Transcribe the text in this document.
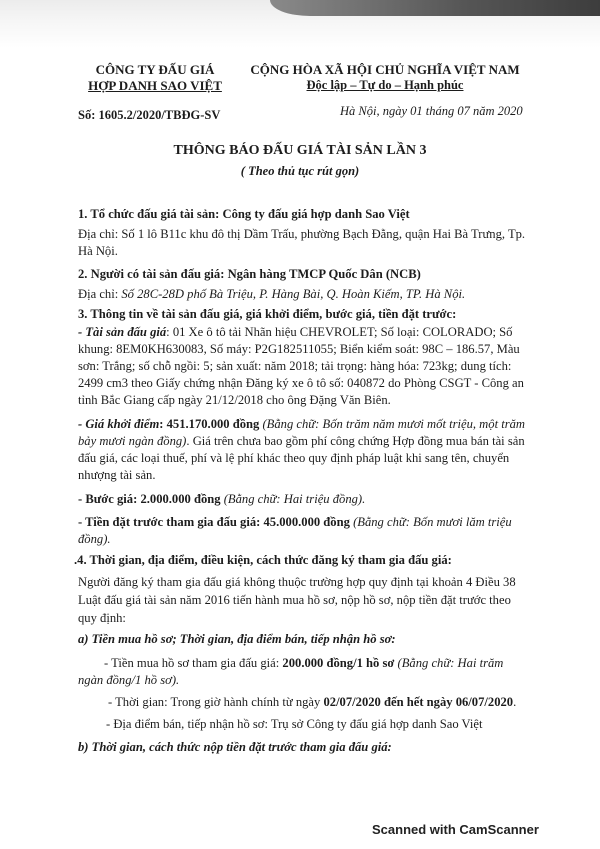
CÔNG TY ĐẤU GIÁ
HỢP DANH SAO VIỆT
CỘNG HÒA XÃ HỘI CHỦ NGHĨA VIỆT NAM
Độc lập – Tự do – Hạnh phúc
Số: 1605.2/2020/TBĐG-SV	Hà Nội, ngày 01 tháng 07 năm 2020
THÔNG BÁO ĐẤU GIÁ TÀI SẢN LẦN 3
( Theo thủ tục rút gọn)
1. Tổ chức đấu giá tài sản: Công ty đấu giá hợp danh Sao Việt
Địa chỉ: Số 1 lô B11c khu đô thị Dầm Trấu, phường Bạch Đằng, quận Hai Bà Trưng, Tp.
Hà Nội.
2. Người có tài sản đấu giá: Ngân hàng TMCP Quốc Dân (NCB)
Địa chỉ: Số 28C-28D phố Bà Triệu, P. Hàng Bài, Q. Hoàn Kiếm, TP. Hà Nội.
3. Thông tin về tài sản đấu giá, giá khởi điểm, bước giá, tiền đặt trước:
- Tài sản đấu giá: 01 Xe ô tô tải Nhãn hiệu CHEVROLET; Số loại: COLORADO; Số
khung: 8EM0KH630083, Số máy: P2G182511055; Biển kiểm soát: 98C – 186.57, Màu
sơn: Trắng; số chỗ ngồi: 5; sản xuất: năm 2018; tải trọng: hàng hóa: 723kg; dung tích:
2499 cm3 theo Giấy chứng nhận Đăng ký xe ô tô số: 040872 do Phòng CSGT - Công an
tỉnh Bắc Giang cấp ngày 21/12/2018 cho ông Đặng Văn Biên.
- Giá khởi điểm: 451.170.000 đồng (Bằng chữ: Bốn trăm năm mươi mốt triệu, một trăm
bảy mươi ngàn đồng). Giá trên chưa bao gồm phí công chứng Hợp đồng mua bán tài sản
đấu giá, các loại thuế, phí và lệ phí khác theo quy định pháp luật khi sang tên, chuyển
nhượng tài sản.
- Bước giá: 2.000.000 đồng (Bằng chữ: Hai triệu đồng).
- Tiền đặt trước tham gia đấu giá: 45.000.000 đồng (Bằng chữ: Bốn mươi lăm triệu
đồng).
.4. Thời gian, địa điểm, điều kiện, cách thức đăng ký tham gia đấu giá:
Người đăng ký tham gia đấu giá không thuộc trường hợp quy định tại khoản 4 Điều 38
Luật đấu giá tài sản năm 2016 tiến hành mua hồ sơ, nộp hồ sơ, nộp tiền đặt trước theo
quy định:
a) Tiền mua hồ sơ; Thời gian, địa điểm bán, tiếp nhận hồ sơ:
- Tiền mua hồ sơ tham gia đấu giá: 200.000 đồng/1 hồ sơ (Bằng chữ: Hai trăm
ngàn đồng/1 hồ sơ).
- Thời gian: Trong giờ hành chính từ ngày 02/07/2020 đến hết ngày 06/07/2020.
- Địa điểm bán, tiếp nhận hồ sơ: Trụ sở Công ty đấu giá hợp danh Sao Việt
b) Thời gian, cách thức nộp tiền đặt trước tham gia đấu giá:
Scanned with CamScanner
